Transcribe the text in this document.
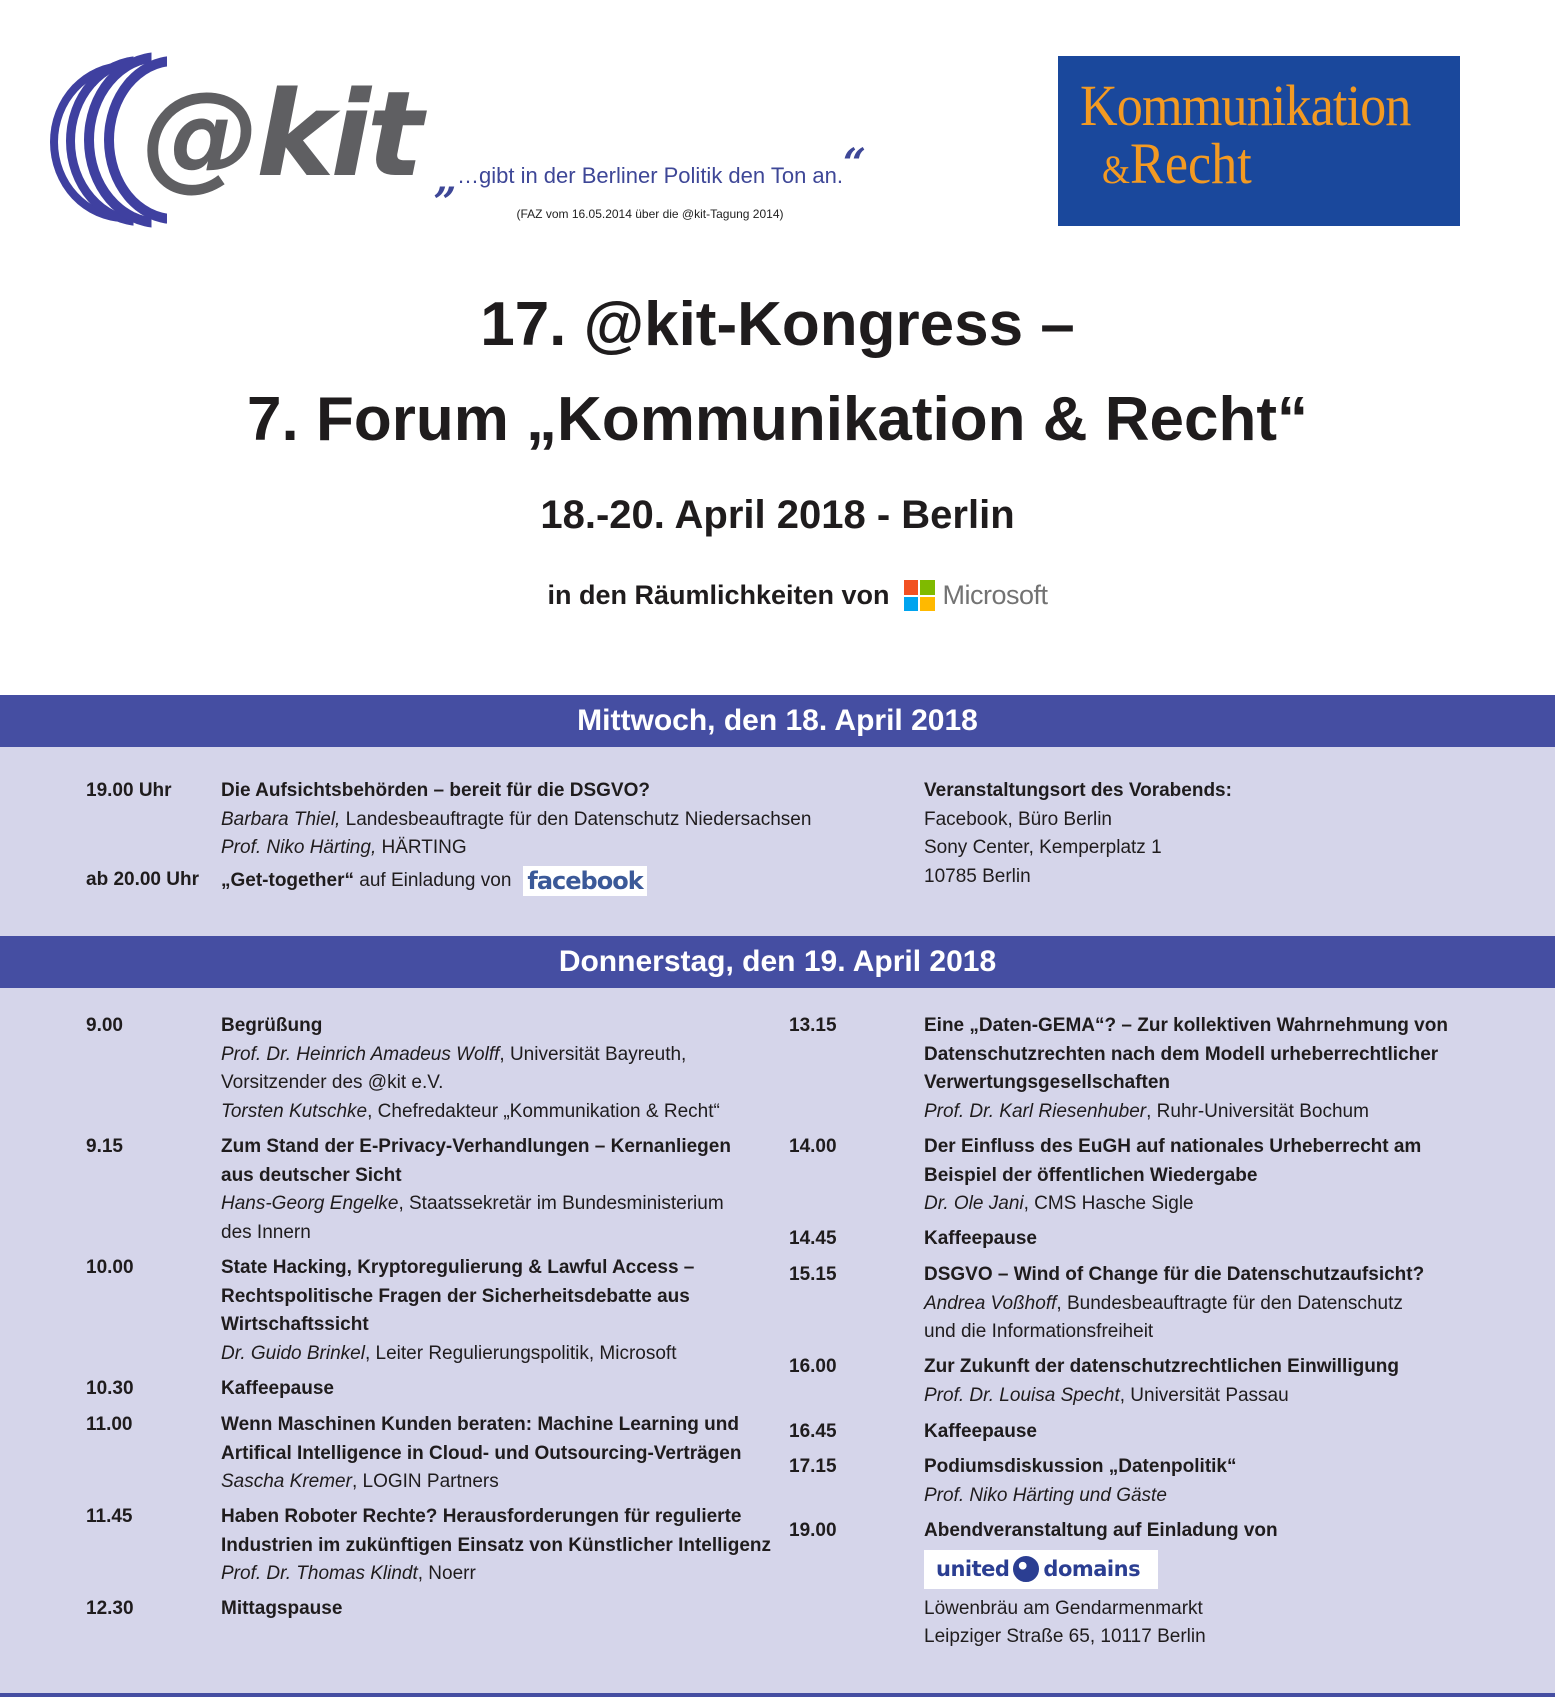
@kit „…gibt in der Berliner Politik den Ton an.“
(FAZ vom 16.05.2014 über die @kit-Tagung 2014)
Kommunikation
&Recht
17. @kit-Kongress –
7. Forum „Kommunikation & Recht“
18.-20. April 2018 - Berlin
in den Räumlichkeiten von Microsoft
Mittwoch, den 18. April 2018
19.00 Uhr	Die Aufsichtsbehörden – bereit für die DSGVO?
Barbara Thiel, Landesbeauftragte für den Datenschutz Niedersachsen
Prof. Niko Härting, HÄRTING
ab 20.00 Uhr „Get-together“ auf Einladung von facebook
Veranstaltungsort des Vorabends:
Facebook, Büro Berlin
Sony Center, Kemperplatz 1
10785 Berlin
Donnerstag, den 19. April 2018
9.00	Begrüßung
Prof. Dr. Heinrich Amadeus Wolff, Universität Bayreuth,
Vorsitzender des @kit e.V.
Torsten Kutschke, Chefredakteur „Kommunikation & Recht“
9.15	Zum Stand der E-Privacy-Verhandlungen – Kernanliegen
aus deutscher Sicht
Hans-Georg Engelke, Staatssekretär im Bundesministerium
des Innern
10.00	State Hacking, Kryptoregulierung & Lawful Access –
Rechtspolitische Fragen der Sicherheitsdebatte aus
Wirtschaftssicht
Dr. Guido Brinkel, Leiter Regulierungspolitik, Microsoft
10.30	Kaffeepause
11.00	Wenn Maschinen Kunden beraten: Machine Learning und
Artifical Intelligence in Cloud- und Outsourcing-Verträgen
Sascha Kremer, LOGIN Partners
11.45	Haben Roboter Rechte? Herausforderungen für regulierte
Industrien im zukünftigen Einsatz von Künstlicher Intelligenz
Prof. Dr. Thomas Klindt, Noerr
12.30	Mittagspause
13.15	Eine „Daten-GEMA“? – Zur kollektiven Wahrnehmung von
Datenschutzrechten nach dem Modell urheberrechtlicher
Verwertungsgesellschaften
Prof. Dr. Karl Riesenhuber, Ruhr-Universität Bochum
14.00	Der Einfluss des EuGH auf nationales Urheberrecht am
Beispiel der öffentlichen Wiedergabe
Dr. Ole Jani, CMS Hasche Sigle
14.45	Kaffeepause
15.15	DSGVO – Wind of Change für die Datenschutzaufsicht?
Andrea Voßhoff, Bundesbeauftragte für den Datenschutz
und die Informationsfreiheit
16.00	Zur Zukunft der datenschutzrechtlichen Einwilligung
Prof. Dr. Louisa Specht, Universität Passau
16.45	Kaffeepause
17.15	Podiumsdiskussion „Datenpolitik“
Prof. Niko Härting und Gäste
19.00	Abendveranstaltung auf Einladung von
united domains
Löwenbräu am Gendarmenmarkt
Leipziger Straße 65, 10117 Berlin
